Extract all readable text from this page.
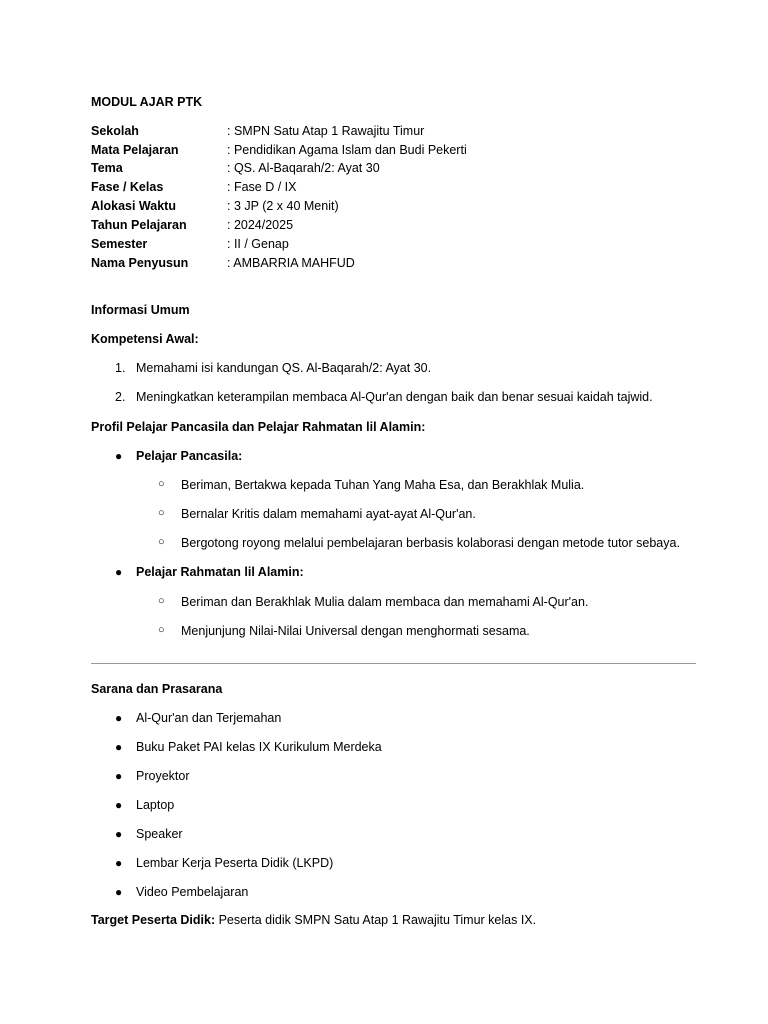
MODUL AJAR PTK
Sekolah	: SMPN Satu Atap 1 Rawajitu Timur
Mata Pelajaran	: Pendidikan Agama Islam dan Budi Pekerti
Tema	: QS. Al-Baqarah/2: Ayat 30
Fase / Kelas	: Fase D / IX
Alokasi Waktu	: 3 JP (2 x 40 Menit)
Tahun Pelajaran	: 2024/2025
Semester	: II / Genap
Nama Penyusun	: AMBARRIA MAHFUD
Informasi Umum
Kompetensi Awal:
1. Memahami isi kandungan QS. Al-Baqarah/2: Ayat 30.
2. Meningkatkan keterampilan membaca Al-Qur'an dengan baik dan benar sesuai kaidah tajwid.
Profil Pelajar Pancasila dan Pelajar Rahmatan lil Alamin:
● Pelajar Pancasila:
○ Beriman, Bertakwa kepada Tuhan Yang Maha Esa, dan Berakhlak Mulia.
○ Bernalar Kritis dalam memahami ayat-ayat Al-Qur'an.
○ Bergotong royong melalui pembelajaran berbasis kolaborasi dengan metode tutor sebaya.
● Pelajar Rahmatan lil Alamin:
○ Beriman dan Berakhlak Mulia dalam membaca dan memahami Al-Qur'an.
○ Menjunjung Nilai-Nilai Universal dengan menghormati sesama.
Sarana dan Prasarana
● Al-Qur'an dan Terjemahan
● Buku Paket PAI kelas IX Kurikulum Merdeka
● Proyektor
● Laptop
● Speaker
● Lembar Kerja Peserta Didik (LKPD)
● Video Pembelajaran
Target Peserta Didik: Peserta didik SMPN Satu Atap 1 Rawajitu Timur kelas IX.
